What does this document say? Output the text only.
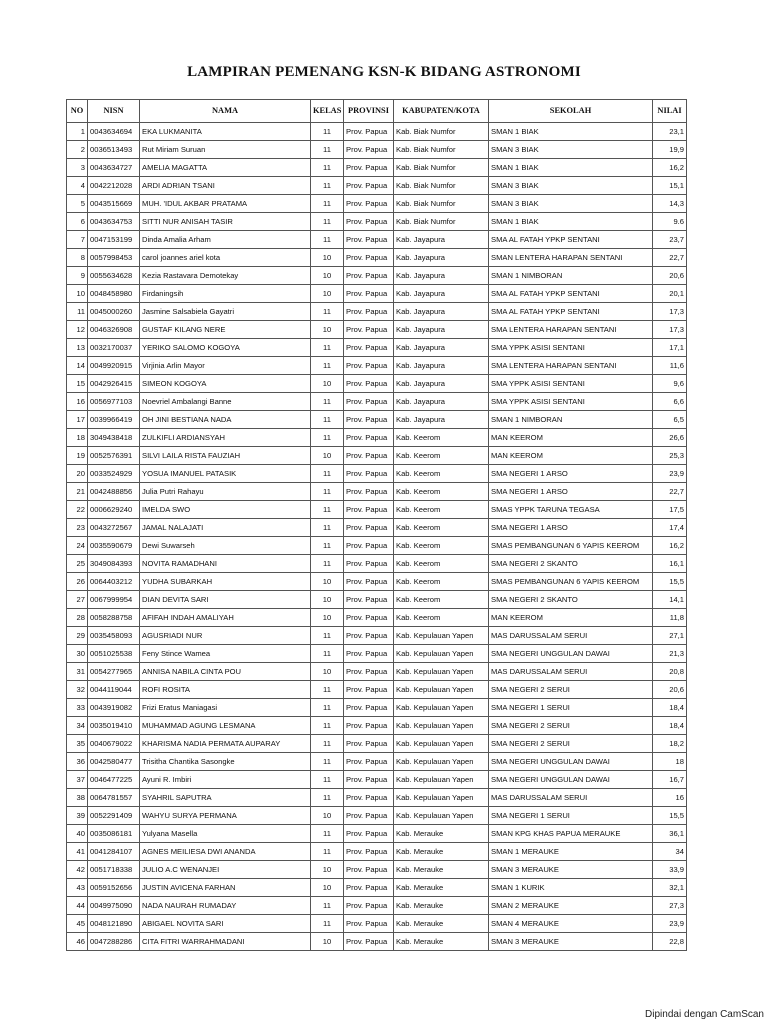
LAMPIRAN PEMENANG KSN-K BIDANG ASTRONOMI
NO	NISN	NAMA	KELAS	PROVINSI	KABUPATEN/KOTA	SEKOLAH	NILAI
1	0043634694	EKA LUKMANITA	11	Prov. Papua	Kab. Biak Numfor	SMAN 1 BIAK	23,1
2	0036513493	Rut Miriam Suruan	11	Prov. Papua	Kab. Biak Numfor	SMAN 3 BIAK	19,9
3	0043634727	AMELIA MAGATTA	11	Prov. Papua	Kab. Biak Numfor	SMAN 1 BIAK	16,2
4	0042212028	ARDI ADRIAN TSANI	11	Prov. Papua	Kab. Biak Numfor	SMAN 3 BIAK	15,1
5	0043515669	MUH. 'IDUL AKBAR PRATAMA	11	Prov. Papua	Kab. Biak Numfor	SMAN 3 BIAK	14,3
6	0043634753	SITTI NUR ANISAH TASIR	11	Prov. Papua	Kab. Biak Numfor	SMAN 1 BIAK	9.6
7	0047153199	Dinda Amalia Arham	11	Prov. Papua	Kab. Jayapura	SMA AL FATAH YPKP SENTANI	23,7
8	0057998453	carol joannes ariel kota	10	Prov. Papua	Kab. Jayapura	SMAN LENTERA HARAPAN SENTANI	22,7
9	0055634628	Kezia Rastavara Demotekay	10	Prov. Papua	Kab. Jayapura	SMAN 1 NIMBORAN	20,6
10	0048458980	Firdaningsih	10	Prov. Papua	Kab. Jayapura	SMA AL FATAH YPKP SENTANI	20,1
11	0045000260	Jasmine Salsabiela Gayatri	11	Prov. Papua	Kab. Jayapura	SMA AL FATAH YPKP SENTANI	17,3
12	0046326908	GUSTAF KILANG NERE	10	Prov. Papua	Kab. Jayapura	SMA LENTERA HARAPAN SENTANI	17,3
13	0032170037	YERIKO SALOMO KOGOYA	11	Prov. Papua	Kab. Jayapura	SMA YPPK ASISI SENTANI	17,1
14	0049920915	Virjinia Arlin Mayor	11	Prov. Papua	Kab. Jayapura	SMA LENTERA HARAPAN SENTANI	11,6
15	0042926415	SIMEON KOGOYA	10	Prov. Papua	Kab. Jayapura	SMA YPPK ASISI SENTANI	9,6
16	0056977103	Noevriel Ambalangi Banne	11	Prov. Papua	Kab. Jayapura	SMA YPPK ASISI SENTANI	6,6
17	0039966419	OH JINI BESTIANA NADA	11	Prov. Papua	Kab. Jayapura	SMAN 1 NIMBORAN	6,5
18	3049438418	ZULKIFLI ARDIANSYAH	11	Prov. Papua	Kab. Keerom	MAN KEEROM	26,6
19	0052576391	SILVI LAILA RISTA FAUZIAH	10	Prov. Papua	Kab. Keerom	MAN KEEROM	25,3
20	0033524929	YOSUA IMANUEL PATASIK	11	Prov. Papua	Kab. Keerom	SMA NEGERI 1 ARSO	23,9
21	0042488856	Julia Putri Rahayu	11	Prov. Papua	Kab. Keerom	SMA NEGERI 1 ARSO	22,7
22	0006629240	IMELDA SWO	11	Prov. Papua	Kab. Keerom	SMAS YPPK TARUNA TEGASA	17,5
23	0043272567	JAMAL NALAJATI	11	Prov. Papua	Kab. Keerom	SMA NEGERI 1 ARSO	17,4
24	0035590679	Dewi Suwarseh	11	Prov. Papua	Kab. Keerom	SMAS PEMBANGUNAN 6 YAPIS KEEROM	16,2
25	3049084393	NOVITA RAMADHANI	11	Prov. Papua	Kab. Keerom	SMA NEGERI 2 SKANTO	16,1
26	0064403212	YUDHA SUBARKAH	10	Prov. Papua	Kab. Keerom	SMAS PEMBANGUNAN 6 YAPIS KEEROM	15,5
27	0067999954	DIAN DEVITA SARI	10	Prov. Papua	Kab. Keerom	SMA NEGERI 2 SKANTO	14,1
28	0058288758	AFIFAH INDAH AMALIYAH	10	Prov. Papua	Kab. Keerom	MAN KEEROM	11,8
29	0035458093	AGUSRIADI NUR	11	Prov. Papua	Kab. Kepulauan Yapen	MAS DARUSSALAM SERUI	27,1
30	0051025538	Feny Stince Wamea	11	Prov. Papua	Kab. Kepulauan Yapen	SMA NEGERI UNGGULAN DAWAI	21,3
31	0054277965	ANNISA NABILA CINTA POU	10	Prov. Papua	Kab. Kepulauan Yapen	MAS DARUSSALAM SERUI	20,8
32	0044119044	ROFI ROSITA	11	Prov. Papua	Kab. Kepulauan Yapen	SMA NEGERI 2 SERUI	20,6
33	0043919082	Frizi Eratus Maniagasi	11	Prov. Papua	Kab. Kepulauan Yapen	SMA NEGERI 1 SERUI	18,4
34	0035019410	MUHAMMAD AGUNG LESMANA	11	Prov. Papua	Kab. Kepulauan Yapen	SMA NEGERI 2 SERUI	18,4
35	0040679022	KHARISMA NADIA PERMATA AUPARAY	11	Prov. Papua	Kab. Kepulauan Yapen	SMA NEGERI 2 SERUI	18,2
36	0042580477	Trisitha Chantika Sasongke	11	Prov. Papua	Kab. Kepulauan Yapen	SMA NEGERI UNGGULAN DAWAI	18
37	0046477225	Ayuni R. Imbiri	11	Prov. Papua	Kab. Kepulauan Yapen	SMA NEGERI UNGGULAN DAWAI	16,7
38	0064781557	SYAHRIL SAPUTRA	11	Prov. Papua	Kab. Kepulauan Yapen	MAS DARUSSALAM SERUI	16
39	0052291409	WAHYU SURYA PERMANA	10	Prov. Papua	Kab. Kepulauan Yapen	SMA NEGERI 1 SERUI	15,5
40	0035086181	Yulyana Masella	11	Prov. Papua	Kab. Merauke	SMAN KPG KHAS PAPUA MERAUKE	36,1
41	0041284107	AGNES MEILIESA DWI ANANDA	11	Prov. Papua	Kab. Merauke	SMAN 1 MERAUKE	34
42	0051718338	JULIO A.C WENANJEI	10	Prov. Papua	Kab. Merauke	SMAN 3 MERAUKE	33,9
43	0059152656	JUSTIN AVICENA FARHAN	10	Prov. Papua	Kab. Merauke	SMAN 1 KURIK	32,1
44	0049975090	NADA NAURAH RUMADAY	11	Prov. Papua	Kab. Merauke	SMAN 2 MERAUKE	27,3
45	0048121890	ABIGAEL NOVITA SARI	11	Prov. Papua	Kab. Merauke	SMAN 4 MERAUKE	23,9
46	0047288286	CITA FITRI WARRAHMADANI	10	Prov. Papua	Kab. Merauke	SMAN 3 MERAUKE	22,8
Dipindai dengan CamScan
